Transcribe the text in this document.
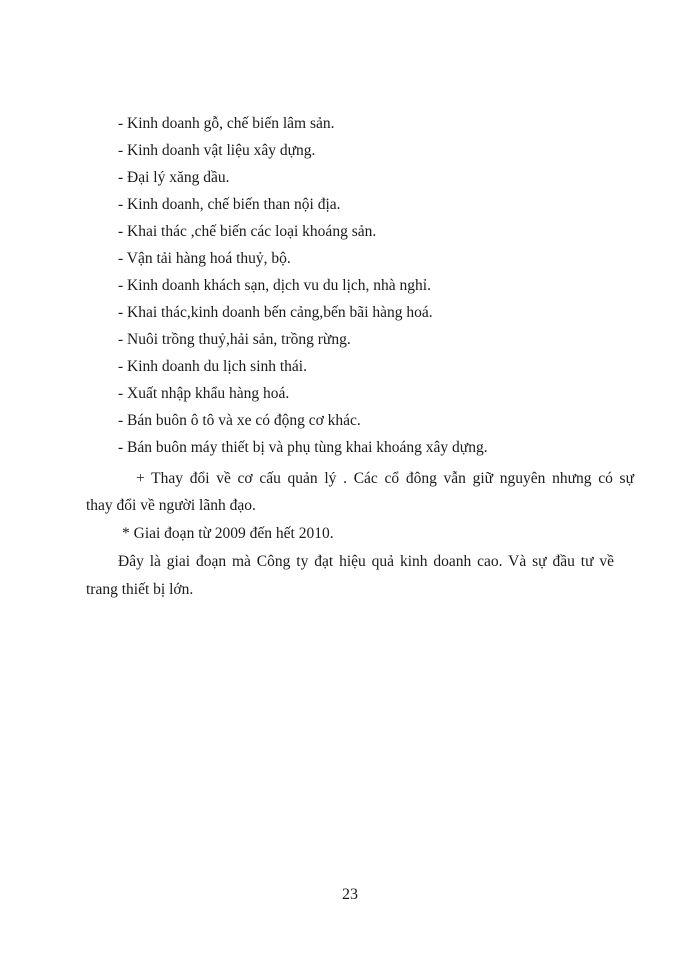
- Kinh doanh gỗ, chế biến lâm sản.
- Kinh doanh vật liệu xây dựng.
- Đại lý xăng dầu.
- Kinh doanh, chế biến than nội địa.
- Khai thác ,chế biến các loại khoáng sản.
- Vận tải hàng hoá thuỷ, bộ.
- Kinh doanh khách sạn, dịch vu du lịch, nhà nghỉ.
- Khai thác,kinh doanh bến cảng,bến bãi hàng hoá.
- Nuôi trồng thuỷ,hải sản, trồng rừng.
- Kinh doanh du lịch sinh thái.
- Xuất nhập khẩu hàng hoá.
- Bán buôn ô tô và xe có động cơ khác.
- Bán buôn máy thiết bị và phụ tùng khai khoáng xây dựng.
+ Thay đổi về cơ cấu quản lý . Các cổ đông vẫn giữ nguyên nhưng có sự
thay đổi về người lãnh đạo.
* Giai đoạn từ 2009 đến hết 2010.
Đây là giai đoạn mà Công ty đạt hiệu quả kinh doanh cao. Và sự đầu tư về
trang thiết bị lớn.
23
